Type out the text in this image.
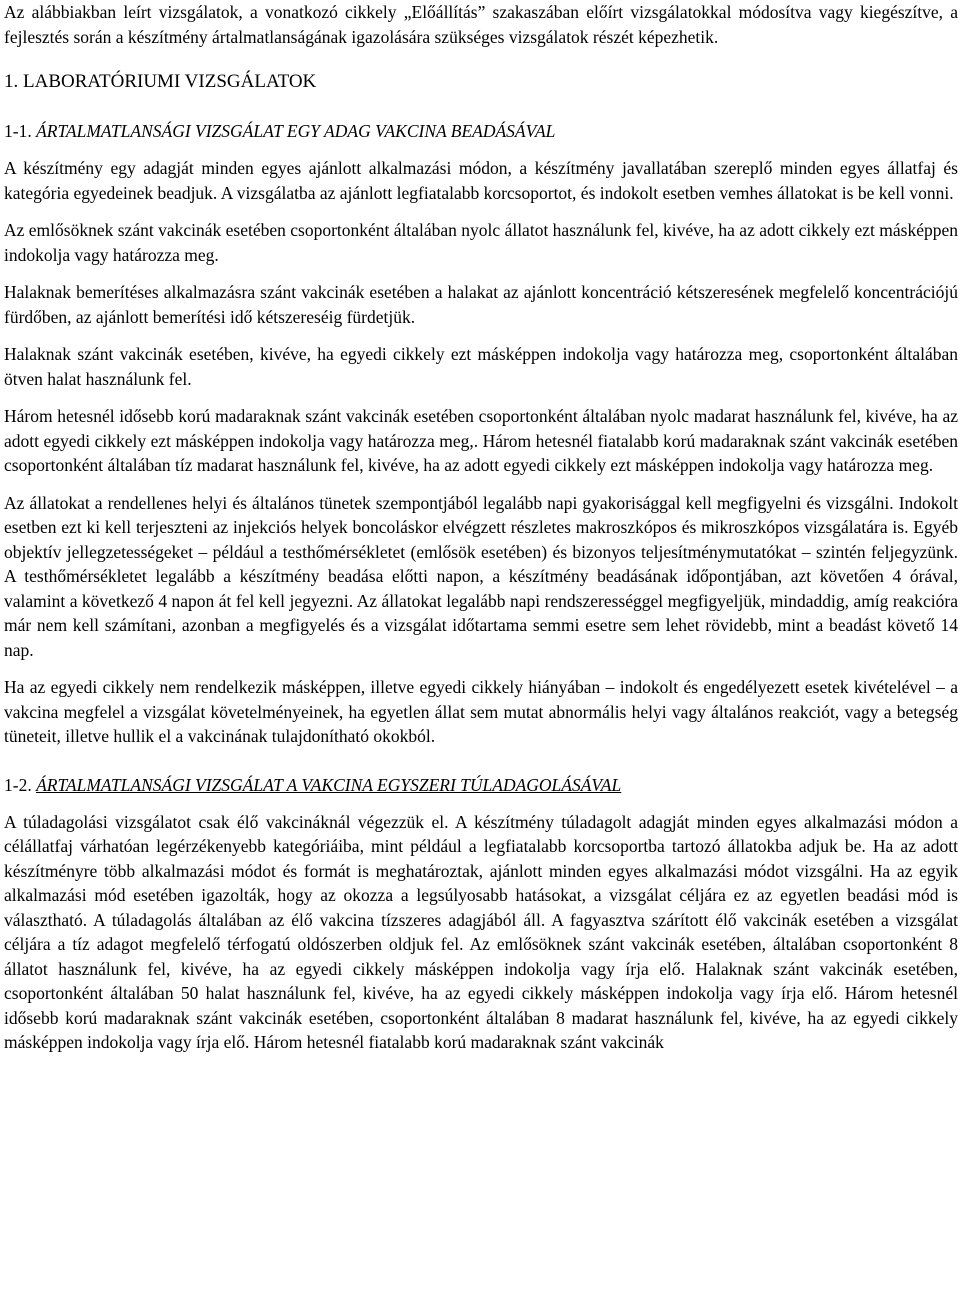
Az alábbiakban leírt vizsgálatok, a vonatkozó cikkely „Előállítás” szakaszában előírt vizsgálatokkal módosítva vagy kiegészítve, a fejlesztés során a készítmény ártalmatlanságának igazolására szükséges vizsgálatok részét képezhetik.

1. LABORATÓRIUMI VIZSGÁLATOK
1-1. ÁRTALMATLANSÁGI VIZSGÁLAT EGY ADAG VAKCINA BEADÁSÁVAL

A készítmény egy adagját minden egyes ajánlott alkalmazási módon, a készítmény javallatában szereplő minden egyes állatfaj és kategória egyedeinek beadjuk. A vizsgálatba az ajánlott legfiatalabb korcsoportot, és indokolt esetben vemhes állatokat is be kell vonni.

Az emlősöknek szánt vakcinák esetében csoportonként általában nyolc állatot használunk fel, kivéve, ha az adott cikkely ezt másképpen indokolja vagy határozza meg.

Halaknak bemerítéses alkalmazásra szánt vakcinák esetében a halakat az ajánlott koncentráció kétszeresének megfelelő koncentrációjú fürdőben, az ajánlott bemerítési idő kétszereséig fürdetjük.

Halaknak szánt vakcinák esetében, kivéve, ha egyedi cikkely ezt másképpen indokolja vagy határozza meg, csoportonként általában ötven halat használunk fel.

Három hetesnél idősebb korú madaraknak szánt vakcinák esetében csoportonként általában nyolc madarat használunk fel, kivéve, ha az adott egyedi cikkely ezt másképpen indokolja vagy határozza meg,. Három hetesnél fiatalabb korú madaraknak szánt vakcinák esetében csoportonként általában tíz madarat használunk fel, kivéve, ha az adott egyedi cikkely ezt másképpen indokolja vagy határozza meg.

Az állatokat a rendellenes helyi és általános tünetek szempontjából legalább napi gyakorisággal kell megfigyelni és vizsgálni. Indokolt esetben ezt ki kell terjeszteni az injekciós helyek boncoláskor elvégzett részletes makroszkópos és mikroszkópos vizsgálatára is. Egyéb objektív jellegzetességeket – például a testhőmérsékletet (emlősök esetében) és bizonyos teljesítménymutatókat – szintén feljegyzünk. A testhőmérsékletet legalább a készítmény beadása előtti napon, a készítmény beadásának időpontjában, azt követően 4 órával, valamint a következő 4 napon át fel kell jegyezni. Az állatokat legalább napi rendszerességgel megfigyeljük, mindaddig, amíg reakcióra már nem kell számítani, azonban a megfigyelés és a vizsgálat időtartama semmi esetre sem lehet rövidebb, mint a beadást követő 14 nap.

Ha az egyedi cikkely nem rendelkezik másképpen, illetve egyedi cikkely hiányában – indokolt és engedélyezett esetek kivételével – a vakcina megfelel a vizsgálat követelményeinek, ha egyetlen állat sem mutat abnormális helyi vagy általános reakciót, vagy a betegség tüneteit, illetve hullik el a vakcinának tulajdonítható okokból.

1-2. ÁRTALMATLANSÁGI VIZSGÁLAT A VAKCINA EGYSZERI TÚLADAGOLÁSÁVAL

A túladagolási vizsgálatot csak élő vakcináknál végezzük el. A készítmény túladagolt adagját minden egyes alkalmazási módon a célállatfaj várhatóan legérzékenyebb kategóriáiba, mint például a legfiatalabb korcsoportba tartozó állatokba adjuk be. Ha az adott készítményre több alkalmazási módot és formát is meghatároztak, ajánlott minden egyes alkalmazási módot vizsgálni. Ha az egyik alkalmazási mód esetében igazolták, hogy az okozza a legsúlyosabb hatásokat, a vizsgálat céljára ez az egyetlen beadási mód is választható. A túladagolás általában az élő vakcina tízszeres adagjából áll. A fagyasztva szárított élő vakcinák esetében a vizsgálat céljára a tíz adagot megfelelő térfogatú oldószerben oldjuk fel. Az emlősöknek szánt vakcinák esetében, általában csoportonként 8 állatot használunk fel, kivéve, ha az egyedi cikkely másképpen indokolja vagy írja elő. Halaknak szánt vakcinák esetében, csoportonként általában 50 halat használunk fel, kivéve, ha az egyedi cikkely másképpen indokolja vagy írja elő. Három hetesnél idősebb korú madaraknak szánt vakcinák esetében, csoportonként általában 8 madarat használunk fel, kivéve, ha az egyedi cikkely másképpen indokolja vagy írja elő. Három hetesnél fiatalabb korú madaraknak szánt vakcinák
